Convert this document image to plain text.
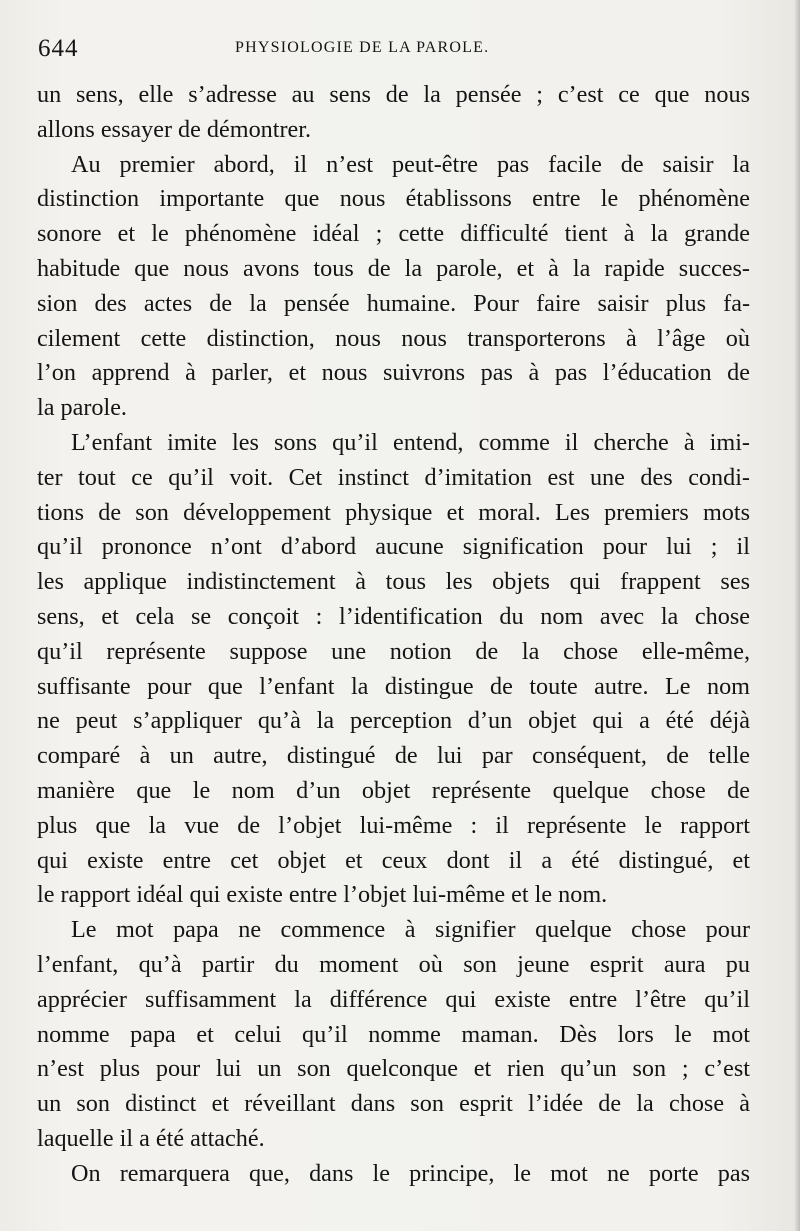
644	PHYSIOLOGIE DE LA PAROLE.
un sens, elle s’adresse au sens de la pensée ; c’est ce que nous
allons essayer de démontrer.
Au premier abord, il n’est peut-être pas facile de saisir la
distinction importante que nous établissons entre le phénomène
sonore et le phénomène idéal ; cette difficulté tient à la grande
habitude que nous avons tous de la parole, et à la rapide succes-
sion des actes de la pensée humaine. Pour faire saisir plus fa-
cilement cette distinction, nous nous transporterons à l’âge où
l’on apprend à parler, et nous suivrons pas à pas l’éducation de
la parole.
L’enfant imite les sons qu’il entend, comme il cherche à imi-
ter tout ce qu’il voit. Cet instinct d’imitation est une des condi-
tions de son développement physique et moral. Les premiers mots
qu’il prononce n’ont d’abord aucune signification pour lui ; il
les applique indistinctement à tous les objets qui frappent ses
sens, et cela se conçoit : l’identification du nom avec la chose
qu’il représente suppose une notion de la chose elle-même,
suffisante pour que l’enfant la distingue de toute autre. Le nom
ne peut s’appliquer qu’à la perception d’un objet qui a été déjà
comparé à un autre, distingué de lui par conséquent, de telle
manière que le nom d’un objet représente quelque chose de
plus que la vue de l’objet lui-même : il représente le rapport
qui existe entre cet objet et ceux dont il a été distingué, et
le rapport idéal qui existe entre l’objet lui-même et le nom.
Le mot papa ne commence à signifier quelque chose pour
l’enfant, qu’à partir du moment où son jeune esprit aura pu
apprécier suffisamment la différence qui existe entre l’être qu’il
nomme papa et celui qu’il nomme maman. Dès lors le mot
n’est plus pour lui un son quelconque et rien qu’un son ; c’est
un son distinct et réveillant dans son esprit l’idée de la chose à
laquelle il a été attaché.
On remarquera que, dans le principe, le mot ne porte pas
